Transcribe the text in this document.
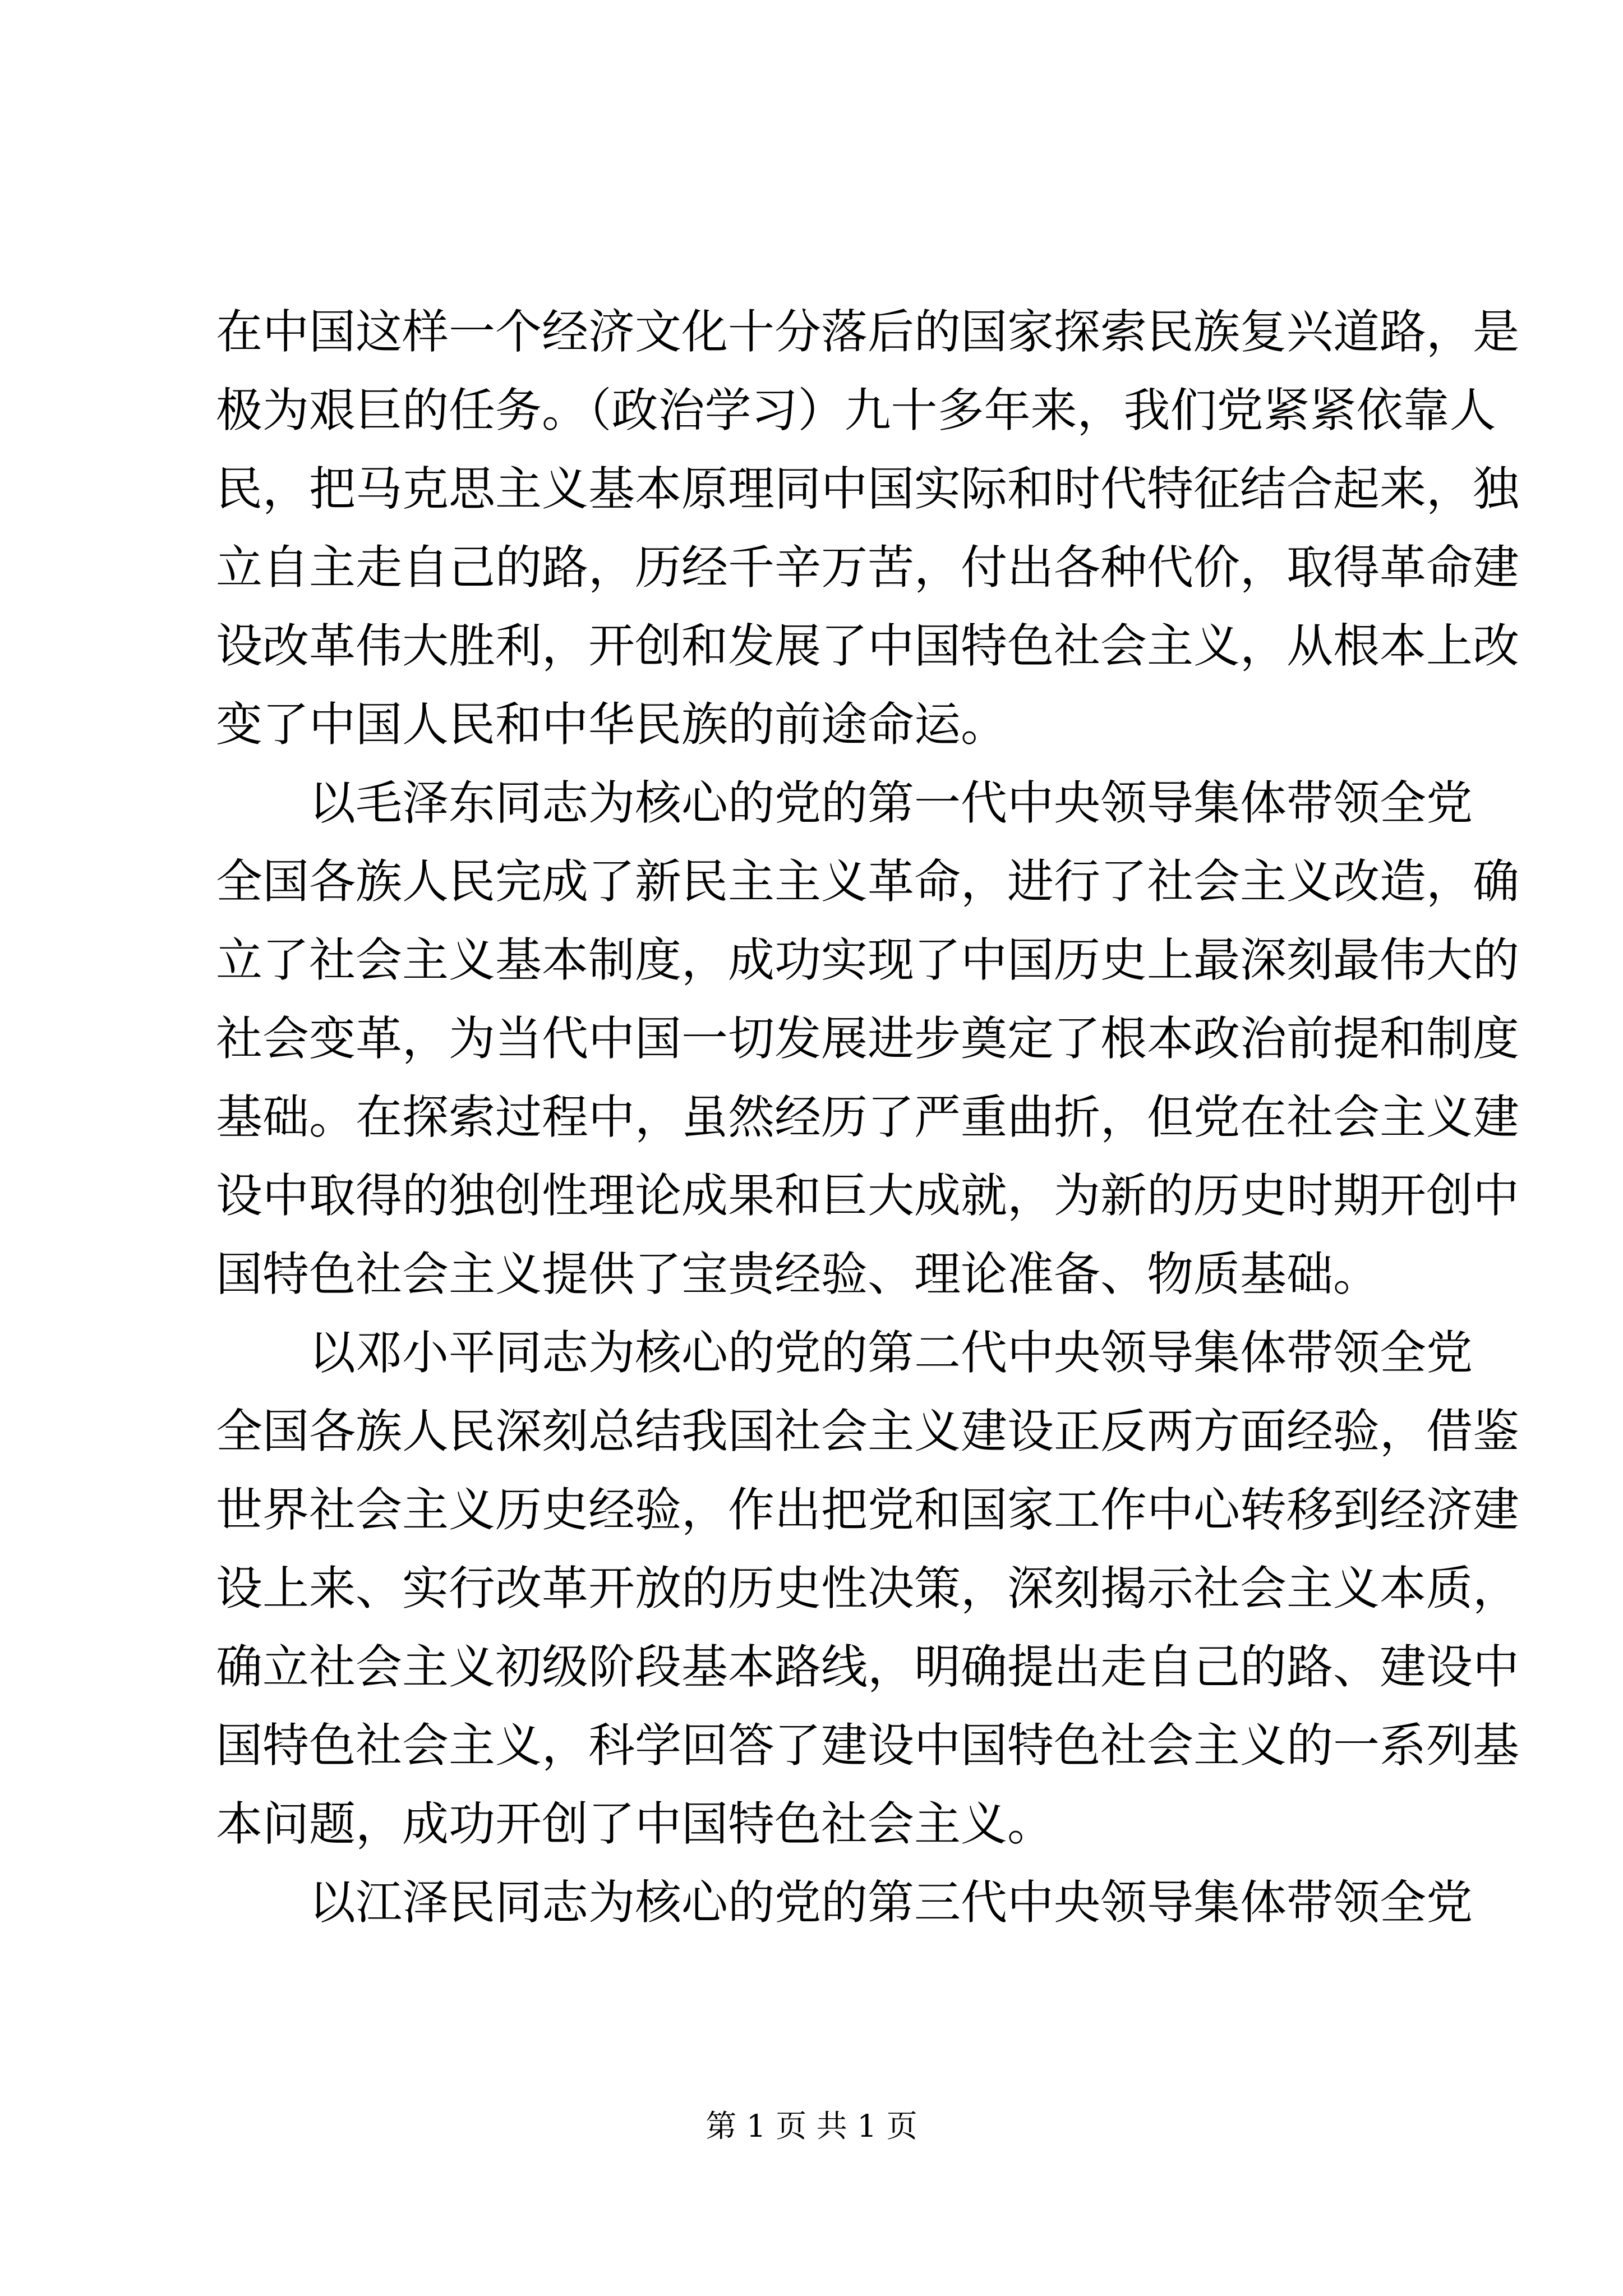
在中国这样一个经济文化十分落后的国家探索民族复兴道路，是
极为艰巨的任务。（政治学习）九十多年来，我们党紧紧依靠人
民，把马克思主义基本原理同中国实际和时代特征结合起来，独
立自主走自己的路，历经千辛万苦，付出各种代价，取得革命建
设改革伟大胜利，开创和发展了中国特色社会主义，从根本上改
变了中国人民和中华民族的前途命运。
以毛泽东同志为核心的党的第一代中央领导集体带领全党
全国各族人民完成了新民主主义革命，进行了社会主义改造，确
立了社会主义基本制度，成功实现了中国历史上最深刻最伟大的
社会变革，为当代中国一切发展进步奠定了根本政治前提和制度
基础。在探索过程中，虽然经历了严重曲折，但党在社会主义建
设中取得的独创性理论成果和巨大成就，为新的历史时期开创中
国特色社会主义提供了宝贵经验、理论准备、物质基础。
以邓小平同志为核心的党的第二代中央领导集体带领全党
全国各族人民深刻总结我国社会主义建设正反两方面经验，借鉴
世界社会主义历史经验，作出把党和国家工作中心转移到经济建
设上来、实行改革开放的历史性决策，深刻揭示社会主义本质，
确立社会主义初级阶段基本路线，明确提出走自己的路、建设中
国特色社会主义，科学回答了建设中国特色社会主义的一系列基
本问题，成功开创了中国特色社会主义。
以江泽民同志为核心的党的第三代中央领导集体带领全党
第 1 页 共 1 页
